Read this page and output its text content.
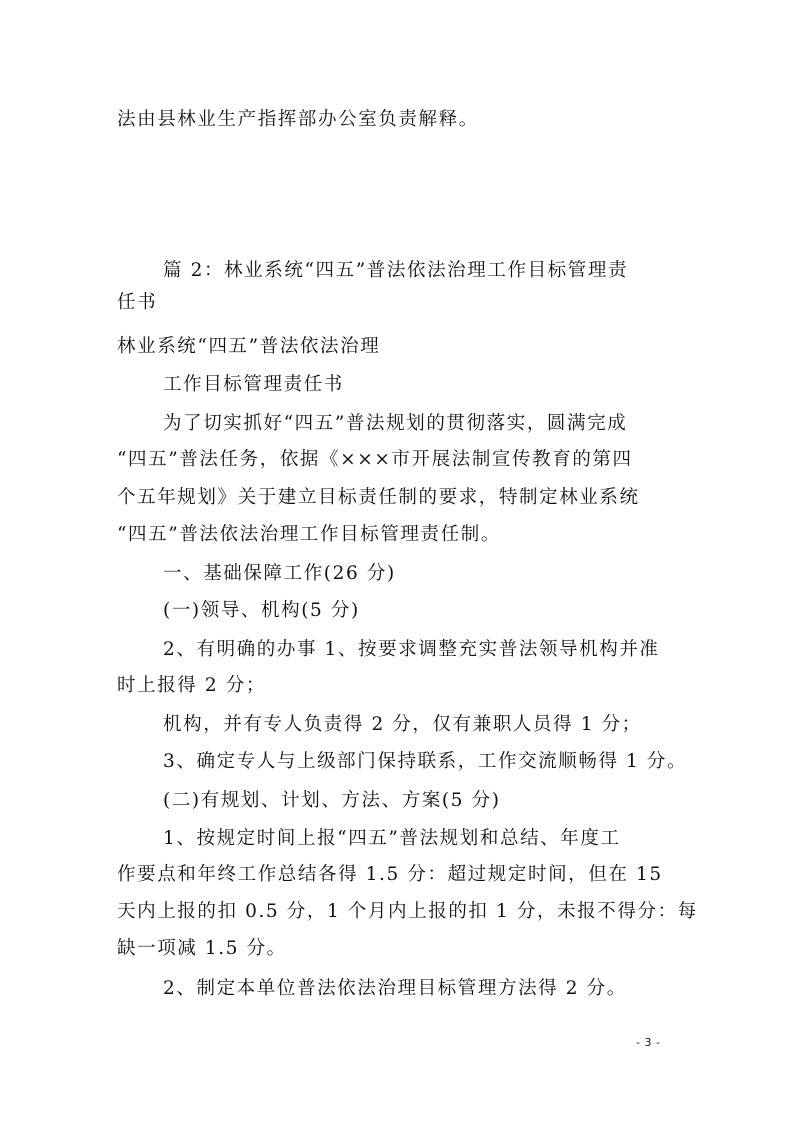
法由县林业生产指挥部办公室负责解释。
篇 2：林业系统“四五”普法依法治理工作目标管理责
任书
林业系统“四五”普法依法治理
工作目标管理责任书
为了切实抓好“四五”普法规划的贯彻落实，圆满完成
“四五”普法任务，依据《×××市开展法制宣传教育的第四
个五年规划》关于建立目标责任制的要求，特制定林业系统
“四五”普法依法治理工作目标管理责任制。
一、基础保障工作(26 分)
(一)领导、机构(5 分)
2、有明确的办事 1、按要求调整充实普法领导机构并准
时上报得 2 分；
机构，并有专人负责得 2 分，仅有兼职人员得 1 分；
3、确定专人与上级部门保持联系，工作交流顺畅得 1 分。
(二)有规划、计划、方法、方案(5 分)
1、按规定时间上报“四五”普法规划和总结、年度工
作要点和年终工作总结各得 1.5 分：超过规定时间，但在 15
天内上报的扣 0.5 分，1 个月内上报的扣 1 分，未报不得分：每
缺一项减 1.5 分。
2、制定本单位普法依法治理目标管理方法得 2 分。
- 3 -
